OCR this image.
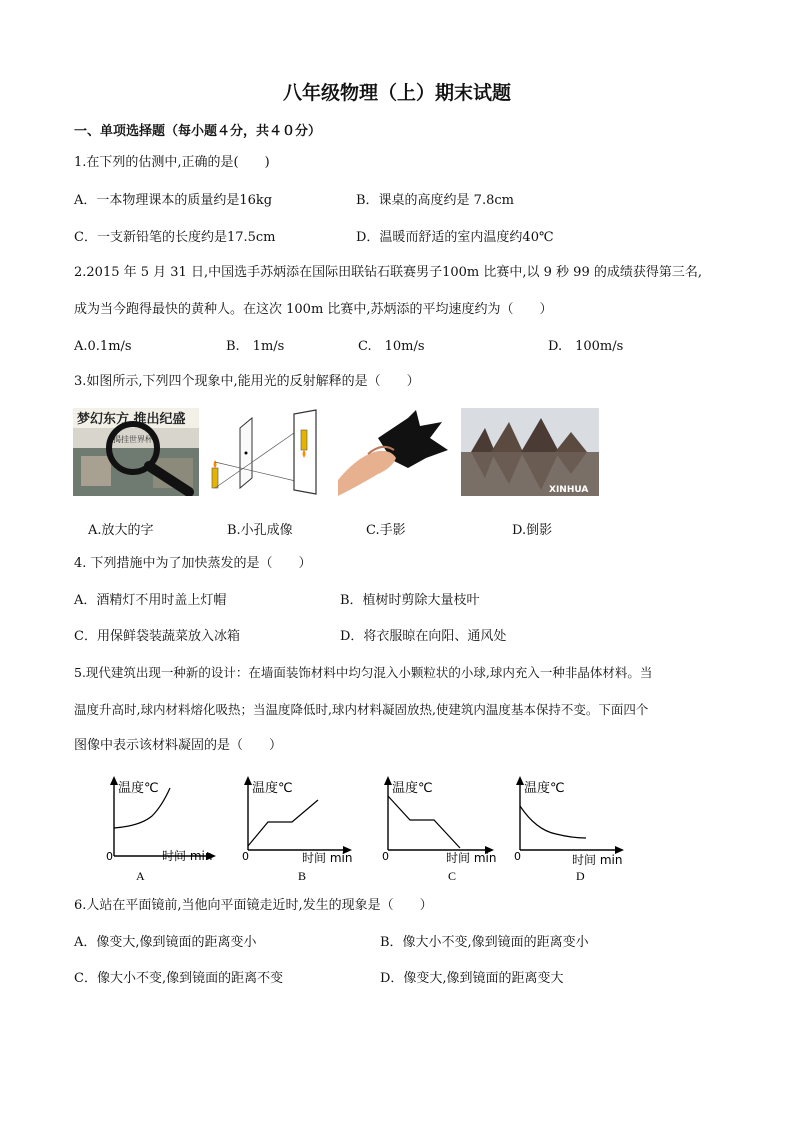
八年级物理（上）期末试题
一、单项选择题（每小题４分，共４０分）
1.在下列的估测中,正确的是(　　)
A．一本物理课本的质量约是16kg	B．课桌的高度约是 7.8cm
C．一支新铅笔的长度约是17.5cm	D．温暖而舒适的室内温度约40℃
2.2015 年 5 月 31 日,中国选手苏炳添在国际田联钻石联赛男子100m 比赛中,以 9 秒 99 的成绩获得第三名,
成为当今跑得最快的黄种人。在这次 100m 比赛中,苏炳添的平均速度约为（　　）
A.0.1m/s	B.　1m/s	C.　10m/s	D.　100m/s
3.如图所示,下列四个现象中,能用光的反射解释的是（　　）
梦幻东方 推出纪盛
揭挂世界杯
XINHUA
A.放大的字	B.小孔成像	C.手影	D.倒影
4. 下列措施中为了加快蒸发的是（　　）
A．酒精灯不用时盖上灯帽	B．植树时剪除大量枝叶
C．用保鲜袋装蔬菜放入冰箱	D．将衣服晾在向阳、通风处
5.现代建筑出现一种新的设计：在墙面装饰材料中均匀混入小颗粒状的小球,球内充入一种非晶体材料。当
温度升高时,球内材料熔化吸热；当温度降低时,球内材料凝固放热,使建筑内温度基本保持不变。下面四个
图像中表示该材料凝固的是（　　）
温度℃
0	时间 min
A
温度℃
0	时间 min
B
温度℃
0	时间 min
C
温度℃
0	时间 min
D
6.人站在平面镜前,当他向平面镜走近时,发生的现象是（　　）
A．像变大,像到镜面的距离变小	B．像大小不变,像到镜面的距离变小
C．像大小不变,像到镜面的距离不变	D．像变大,像到镜面的距离变大
